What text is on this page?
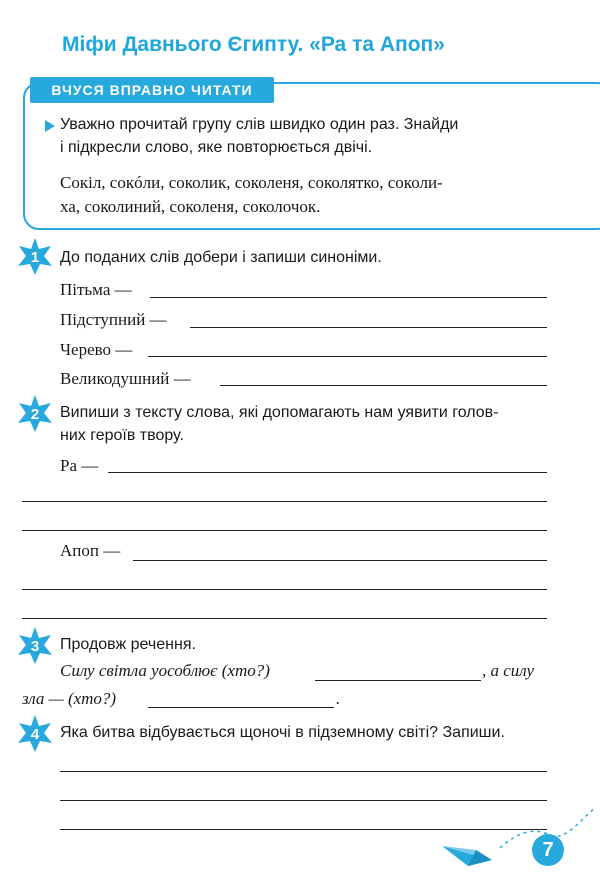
Міфи Давнього Єгипту. «Ра та Апоп»
ВЧУСЯ ВПРАВНО ЧИТАТИ
Уважно прочитай групу слів швидко один раз. Знайди
і підкресли слово, яке повторюється двічі.
Сокіл, сокóли, соколик, соколеня, соколятко, соколи-
ха, соколиний, соколеня, соколочок.
1 До поданих слів добери і запиши синоніми.
Пітьма —
Підступний —
Черево —
Великодушний —
2 Випиши з тексту слова, які допомагають нам уявити голов-
них героїв твору.
Ра —
Апоп —
3 Продовж речення.
Силу світла уособлює (хто?)	, а силу
зла — (хто?)	.
4 Яка битва відбувається щоночі в підземному світі? Запиши.
7
